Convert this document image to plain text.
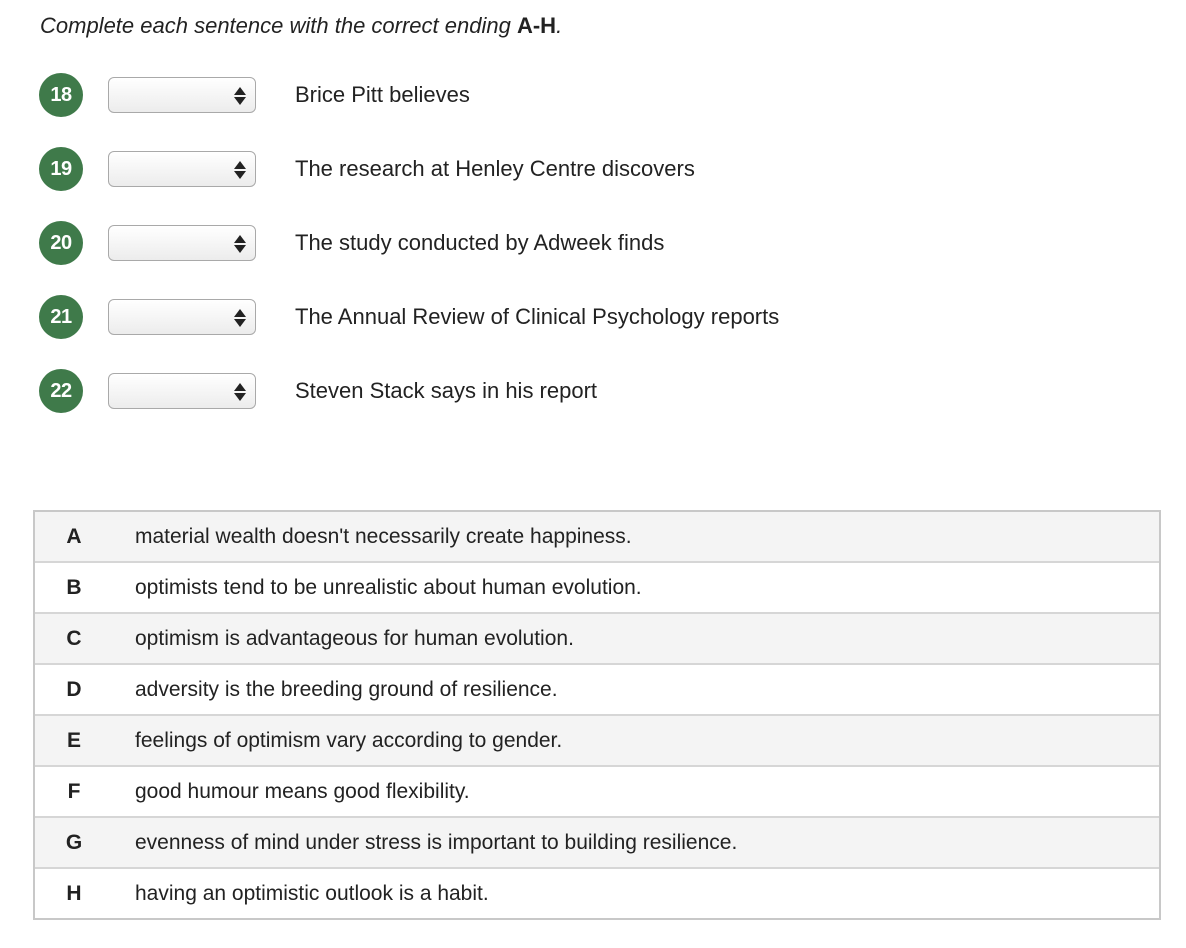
Complete each sentence with the correct ending A-H.
18	Brice Pitt believes
19	The research at Henley Centre discovers
20	The study conducted by Adweek finds
21	The Annual Review of Clinical Psychology reports
22	Steven Stack says in his report
A	material wealth doesn't necessarily create happiness.
B	optimists tend to be unrealistic about human evolution.
C	optimism is advantageous for human evolution.
D	adversity is the breeding ground of resilience.
E	feelings of optimism vary according to gender.
F	good humour means good flexibility.
G	evenness of mind under stress is important to building resilience.
H	having an optimistic outlook is a habit.
